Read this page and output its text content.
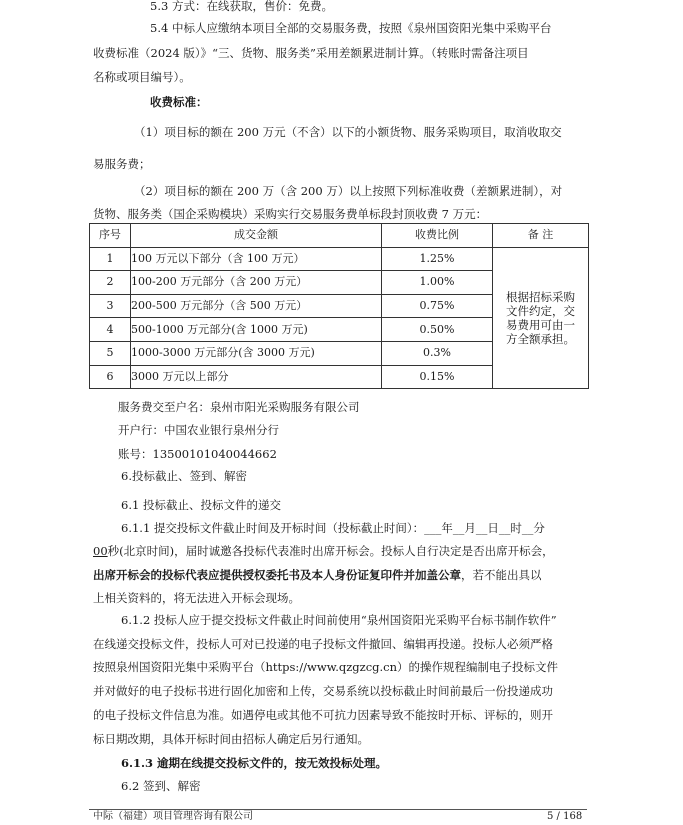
5.3 方式：在线获取，售价：免费。
5.4 中标人应缴纳本项目全部的交易服务费，按照《泉州国资阳光集中采购平台
收费标准（2024 版）》“三、货物、服务类”采用差额累进制计算。（转账时需备注项目
名称或项目编号）。
收费标准：
（1）项目标的额在 200 万元（不含）以下的小额货物、服务采购项目，取消收取交
易服务费；
（2）项目标的额在 200 万（含 200 万）以上按照下列标准收费（差额累进制），对
货物、服务类（国企采购模块）采购实行交易服务费单标段封顶收费 7 万元：
序号	成交金额	收费比例	备 注
1	100 万元以下部分（含 100 万元）	1.25%	根据招标采购
文件约定，交
易费用可由一
方全额承担。

2	100-200 万元部分（含 200 万元）	1.00%	
3	200-500 万元部分（含 500 万元）	0.75%	
4	500-1000 万元部分(含 1000 万元)	0.50%	
5	1000-3000 万元部分(含 3000 万元)	0.3%	
6	3000 万元以上部分	0.15%	
服务费交至户名：泉州市阳光采购服务有限公司
开户行：中国农业银行泉州分行
账号：13500101040044662
6.投标截止、签到、解密
6.1 投标截止、投标文件的递交
6.1.1 提交投标文件截止时间及开标时间（投标截止时间）：___年__月__日__时__分
00秒(北京时间)，届时诚邀各投标代表准时出席开标会。投标人自行决定是否出席开标会，
出席开标会的投标代表应提供授权委托书及本人身份证复印件并加盖公章，若不能出具以
上相关资料的，将无法进入开标会现场。
6.1.2 投标人应于提交投标文件截止时间前使用“泉州国资阳光采购平台标书制作软件”
在线递交投标文件，投标人可对已投递的电子投标文件撤回、编辑再投递。投标人必须严格
按照泉州国资阳光集中采购平台（https://www.qzgzcg.cn）的操作规程编制电子投标文件
并对做好的电子投标书进行固化加密和上传，交易系统以投标截止时间前最后一份投递成功
的电子投标文件信息为准。如遇停电或其他不可抗力因素导致不能按时开标、评标的，则开
标日期改期，具体开标时间由招标人确定后另行通知。
6.1.3 逾期在线提交投标文件的，按无效投标处理。
6.2 签到、解密
中际（福建）项目管理咨询有限公司	5 / 168
